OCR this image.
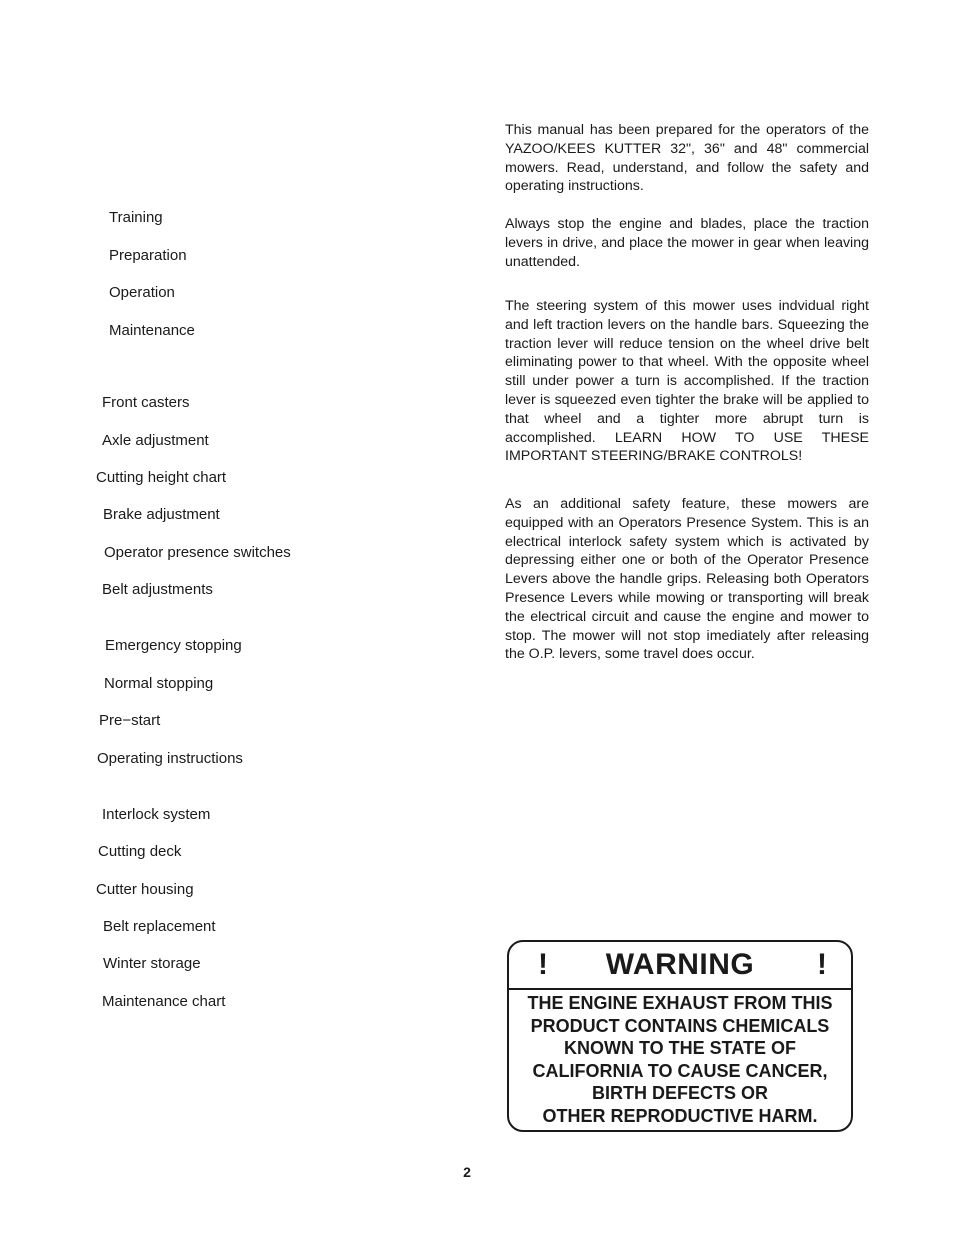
Training
Preparation
Operation
Maintenance
Front casters
Axle adjustment
Cutting height chart
Brake adjustment
Operator presence switches
Belt adjustments
Emergency stopping
Normal stopping
Pre−start
Operating instructions
Interlock system
Cutting deck
Cutter housing
Belt replacement
Winter storage
Maintenance chart
This manual has been prepared for the operators of the YAZOO/KEES KUTTER 32", 36" and 48" commercial mowers. Read, understand, and follow the safety and operating instructions.
Always stop the engine and blades, place the traction levers in drive, and place the mower in gear when leaving unattended.
The steering system of this mower uses indvidual right and left traction levers on the handle bars. Squeezing the traction lever will reduce tension on the wheel drive belt eliminating power to that wheel. With the opposite wheel still under power a turn is accomplished. If the traction lever is squeezed even tighter the brake will be applied to that wheel and a tighter more abrupt turn is accomplished. LEARN HOW TO USE THESE IMPORTANT STEERING/BRAKE CONTROLS!
As an additional safety feature, these mowers are equipped with an Operators Presence System. This is an electrical interlock safety system which is activated by depressing either one or both of the Operator Presence Levers above the handle grips. Releasing both Operators Presence Levers while mowing or transporting will break the electrical circuit and cause the engine and mower to stop. The mower will not stop imediately after releasing the O.P. levers, some travel does occur.
!	WARNING	!
THE ENGINE EXHAUST FROM THIS
PRODUCT CONTAINS CHEMICALS
KNOWN TO THE STATE OF
CALIFORNIA TO CAUSE CANCER,
BIRTH DEFECTS OR
OTHER REPRODUCTIVE HARM.
2
